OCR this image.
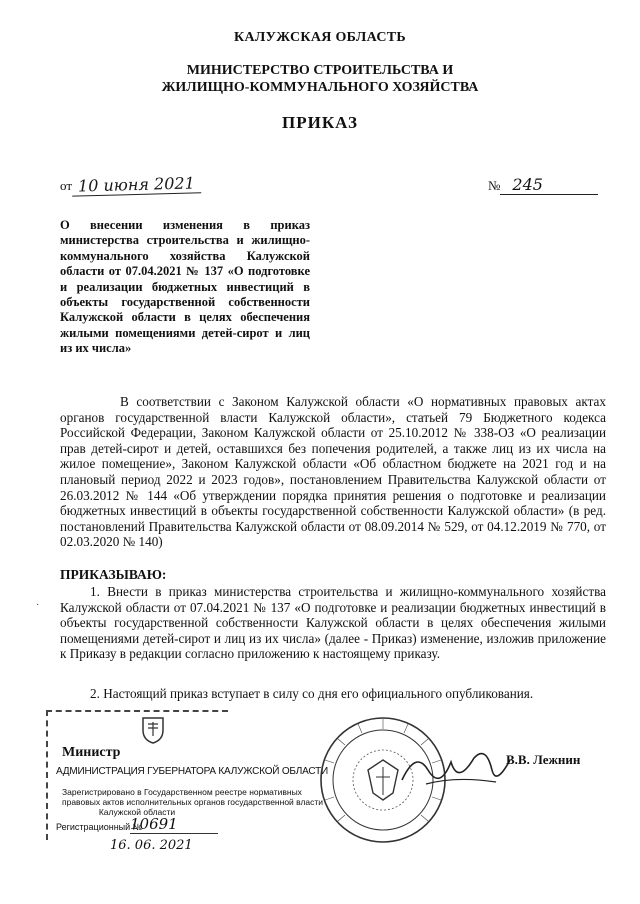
КАЛУЖСКАЯ ОБЛАСТЬ
МИНИСТЕРСТВО СТРОИТЕЛЬСТВА И
ЖИЛИЩНО-КОММУНАЛЬНОГО ХОЗЯЙСТВА
ПРИКАЗ
от 10 июня 2021	№ 245
О внесении изменения в приказ министерства строительства и жилищно-коммунального хозяйства Калужской области от 07.04.2021 № 137 «О подготовке и реализации бюджетных инвестиций в объекты государственной собственности Калужской области в целях обеспечения жилыми помещениями детей-сирот и лиц из их числа»
В соответствии с Законом Калужской области «О нормативных правовых актах органов государственной власти Калужской области», статьей 79 Бюджетного кодекса Российской Федерации, Законом Калужской области от 25.10.2012 № 338-ОЗ «О реализации прав детей-сирот и детей, оставшихся без попечения родителей, а также лиц из их числа на жилое помещение», Законом Калужской области «Об областном бюджете на 2021 год и на плановый период 2022 и 2023 годов», постановлением Правительства Калужской области от 26.03.2012 № 144 «Об утверждении порядка принятия решения о подготовке и реализации бюджетных инвестиций в объекты государственной собственности Калужской области» (в ред. постановлений Правительства Калужской области от 08.09.2014 № 529, от 04.12.2019 № 770, от 02.03.2020 № 140)
ПРИКАЗЫВАЮ:
1. Внести в приказ министерства строительства и жилищно-коммунального хозяйства Калужской области от 07.04.2021 № 137 «О подготовке и реализации бюджетных инвестиций в объекты государственной собственности Калужской области в целях обеспечения жилыми помещениями детей-сирот и лиц из их числа» (далее - Приказ) изменение, изложив приложение к Приказу в редакции согласно приложению к настоящему приказу.
2. Настоящий приказ вступает в силу со дня его официального опубликования.
·
Министр
АДМИНИСТРАЦИЯ ГУБЕРНАТОРА КАЛУЖСКОЙ ОБЛАСТИ
Зарегистрировано в Государственном реестре нормативных
правовых актов исполнительных органов государственной власти
Калужской области
Регистрационный №
10691
16. 06. 2021
В.В. Лежнин
